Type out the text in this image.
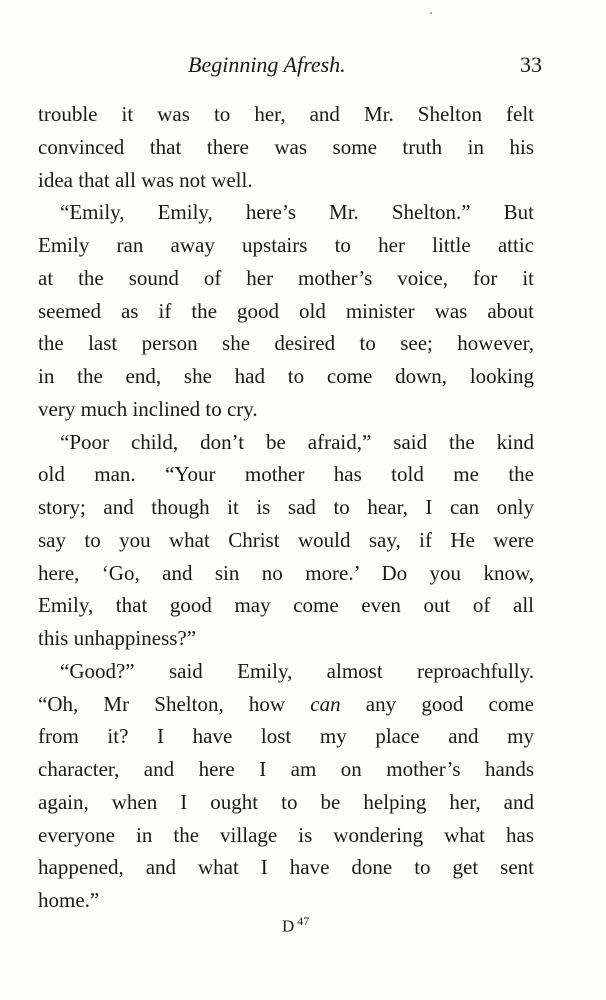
Beginning Afresh.	33
trouble it was to her, and Mr. Shelton felt
convinced that there was some truth in his
idea that all was not well.
“Emily, Emily, here’s Mr. Shelton.” But
Emily ran away upstairs to her little attic
at the sound of her mother’s voice, for it
seemed as if the good old minister was about
the last person she desired to see; however,
in the end, she had to come down, looking
very much inclined to cry.
“Poor child, don’t be afraid,” said the kind
old man. “Your mother has told me the
story; and though it is sad to hear, I can only
say to you what Christ would say, if He were
here, ‘Go, and sin no more.’ Do you know,
Emily, that good may come even out of all
this unhappiness?”
“Good?” said Emily, almost reproachfully.
“Oh, Mr Shelton, how can any good come
from it? I have lost my place and my
character, and here I am on mother’s hands
again, when I ought to be helping her, and
everyone in the village is wondering what has
happened, and what I have done to get sent
home.”
D $^{47}$
